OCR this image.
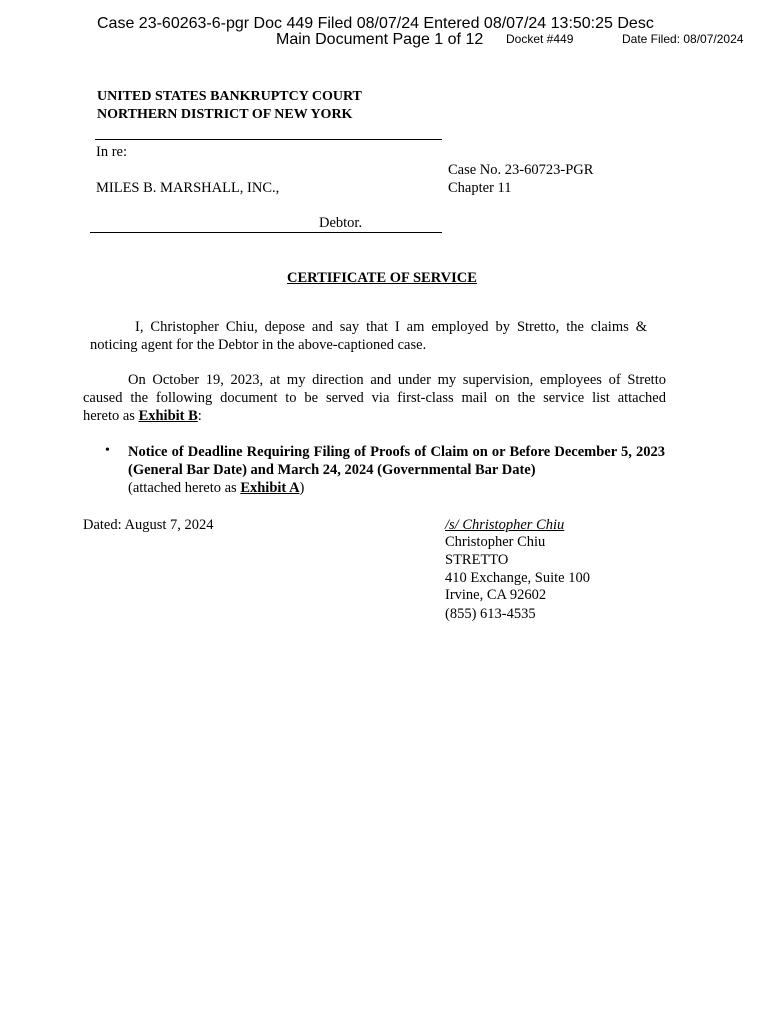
Case 23-60263-6-pgr Doc 449 Filed 08/07/24 Entered 08/07/24 13:50:25 Desc
Main Document Page 1 of 12 Docket #449	Date Filed: 08/07/2024
UNITED STATES BANKRUPTCY COURT
NORTHERN DISTRICT OF NEW YORK
In re:
Case No. 23-60723-PGR
MILES B. MARSHALL, INC.,	Chapter 11
Debtor.
CERTIFICATE OF SERVICE
I, Christopher Chiu, depose and say that I am employed by Stretto, the claims &
noticing agent for the Debtor in the above-captioned case.
On October 19, 2023, at my direction and under my supervision, employees of Stretto
caused the following document to be served via first-class mail on the service list attached
hereto as Exhibit B:
• Notice of Deadline Requiring Filing of Proofs of Claim on or Before December 5, 2023 (General Bar Date) and March 24, 2024 (Governmental Bar Date)
(attached hereto as Exhibit A)
Dated: August 7, 2024	/s/ Christopher Chiu
Christopher Chiu
STRETTO
410 Exchange, Suite 100
Irvine, CA 92602
(855) 613-4535
